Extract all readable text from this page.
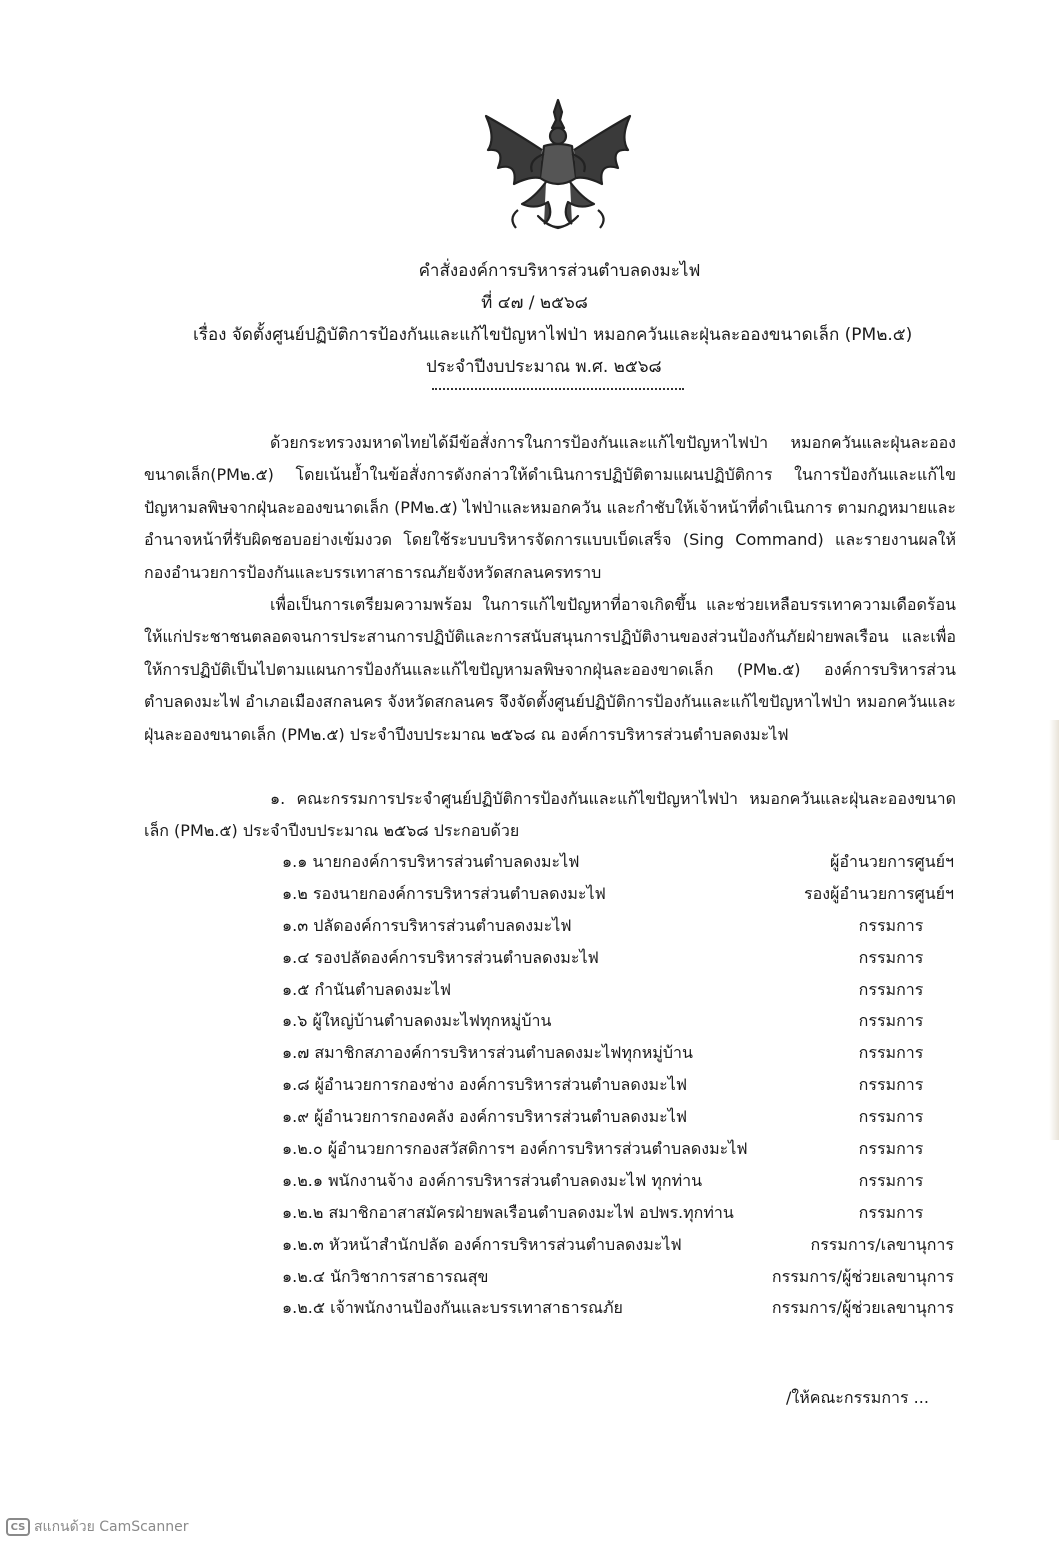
คำสั่งองค์การบริหารส่วนตำบลดงมะไฟ
ที่ ๔๗ / ๒๕๖๘
เรื่อง จัดตั้งศูนย์ปฏิบัติการป้องกันและแก้ไขปัญหาไฟป่า หมอกควันและฝุ่นละอองขนาดเล็ก (PM๒.๕)
ประจำปีงบประมาณ พ.ศ. ๒๕๖๘
ด้วยกระทรวงมหาดไทยได้มีข้อสั่งการในการป้องกันและแก้ไขปัญหาไฟป่า หมอกควันและฝุ่นละอองขนาดเล็ก(PM๒.๕) โดยเน้นย้ำในข้อสั่งการดังกล่าวให้ดำเนินการปฏิบัติตามแผนปฏิบัติการ ในการป้องกันและแก้ไขปัญหามลพิษจากฝุ่นละอองขนาดเล็ก (PM๒.๕) ไฟป่าและหมอกควัน และกำชับให้เจ้าหน้าที่ดำเนินการ ตามกฎหมายและอำนาจหน้าที่รับผิดชอบอย่างเข้มงวด โดยใช้ระบบบริหารจัดการแบบเบ็ดเสร็จ (Sing Command) และรายงานผลให้กองอำนวยการป้องกันและบรรเทาสาธารณภัยจังหวัดสกลนครทราบ
เพื่อเป็นการเตรียมความพร้อม ในการแก้ไขปัญหาที่อาจเกิดขึ้น และช่วยเหลือบรรเทาความเดือดร้อน ให้แก่ประชาชนตลอดจนการประสานการปฏิบัติและการสนับสนุนการปฏิบัติงานของส่วนป้องกันภัยฝ่ายพลเรือน และเพื่อให้การปฏิบัติเป็นไปตามแผนการป้องกันและแก้ไขปัญหามลพิษจากฝุ่นละอองขาดเล็ก (PM๒.๕) องค์การบริหารส่วนตำบลดงมะไฟ อำเภอเมืองสกลนคร จังหวัดสกลนคร จึงจัดตั้งศูนย์ปฏิบัติการป้องกันและแก้ไขปัญหาไฟป่า หมอกควันและฝุ่นละอองขนาดเล็ก (PM๒.๕) ประจำปีงบประมาณ ๒๕๖๘ ณ องค์การบริหารส่วนตำบลดงมะไฟ
๑. คณะกรรมการประจำศูนย์ปฏิบัติการป้องกันและแก้ไขปัญหาไฟป่า หมอกควันและฝุ่นละอองขนาดเล็ก (PM๒.๕) ประจำปีงบประมาณ ๒๕๖๘ ประกอบด้วย
๑.๑ นายกองค์การบริหารส่วนตำบลดงมะไฟ	ผู้อำนวยการศูนย์ฯ
๑.๒ รองนายกองค์การบริหารส่วนตำบลดงมะไฟ	รองผู้อำนวยการศูนย์ฯ
๑.๓ ปลัดองค์การบริหารส่วนตำบลดงมะไฟ	กรรมการ
๑.๔ รองปลัดองค์การบริหารส่วนตำบลดงมะไฟ	กรรมการ
๑.๕ กำนันตำบลดงมะไฟ	กรรมการ
๑.๖ ผู้ใหญ่บ้านตำบลดงมะไฟทุกหมู่บ้าน	กรรมการ
๑.๗ สมาชิกสภาองค์การบริหารส่วนตำบลดงมะไฟทุกหมู่บ้าน	กรรมการ
๑.๘ ผู้อำนวยการกองช่าง องค์การบริหารส่วนตำบลดงมะไฟ	กรรมการ
๑.๙ ผู้อำนวยการกองคลัง องค์การบริหารส่วนตำบลดงมะไฟ	กรรมการ
๑.๒.๐ ผู้อำนวยการกองสวัสดิการฯ องค์การบริหารส่วนตำบลดงมะไฟ	กรรมการ
๑.๒.๑ พนักงานจ้าง องค์การบริหารส่วนตำบลดงมะไฟ ทุกท่าน	กรรมการ
๑.๒.๒ สมาชิกอาสาสมัครฝ่ายพลเรือนตำบลดงมะไฟ อปพร.ทุกท่าน	กรรมการ
๑.๒.๓ หัวหน้าสำนักปลัด องค์การบริหารส่วนตำบลดงมะไฟ	กรรมการ/เลขานุการ
๑.๒.๔ นักวิชาการสาธารณสุข	กรรมการ/ผู้ช่วยเลขานุการ
๑.๒.๕ เจ้าพนักงานป้องกันและบรรเทาสาธารณภัย	กรรมการ/ผู้ช่วยเลขานุการ
/ให้คณะกรรมการ ...
CS สแกนด้วย CamScanner
